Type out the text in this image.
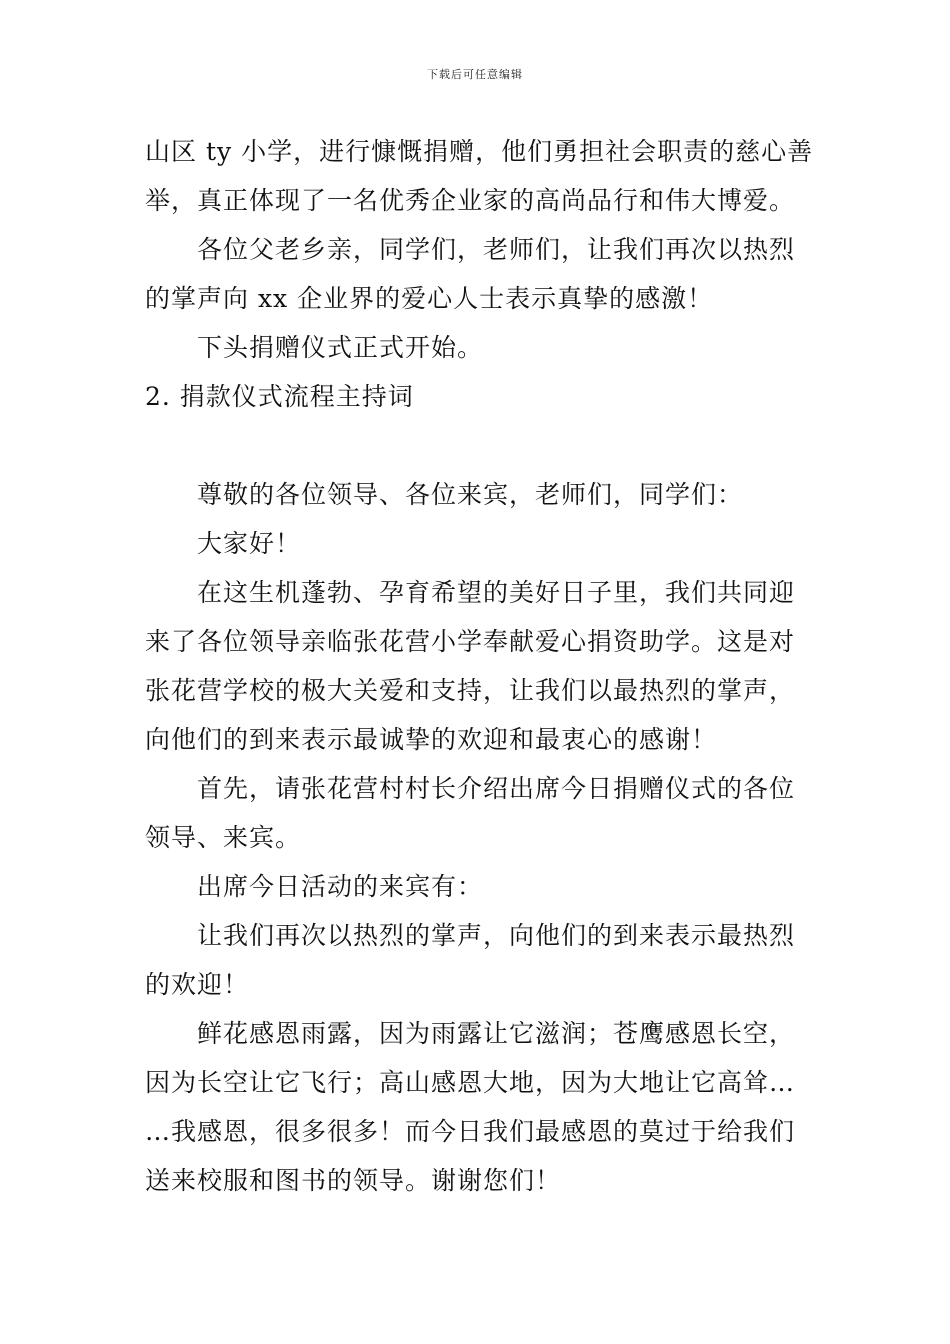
下载后可任意编辑
山区 ty 小学，进行慷慨捐赠，他们勇担社会职责的慈心善
举，真正体现了一名优秀企业家的高尚品行和伟大博爱。
各位父老乡亲，同学们，老师们，让我们再次以热烈
的掌声向 xx 企业界的爱心人士表示真挚的感激！
下头捐赠仪式正式开始。
2. 捐款仪式流程主持词
尊敬的各位领导、各位来宾，老师们，同学们：
大家好！
在这生机蓬勃、孕育希望的美好日子里，我们共同迎
来了各位领导亲临张花营小学奉献爱心捐资助学。这是对
张花营学校的极大关爱和支持，让我们以最热烈的掌声，
向他们的到来表示最诚挚的欢迎和最衷心的感谢！
首先，请张花营村村长介绍出席今日捐赠仪式的各位
领导、来宾。
出席今日活动的来宾有：
让我们再次以热烈的掌声，向他们的到来表示最热烈
的欢迎！
鲜花感恩雨露，因为雨露让它滋润；苍鹰感恩长空，
因为长空让它飞行；高山感恩大地，因为大地让它高耸…
…我感恩，很多很多！而今日我们最感恩的莫过于给我们
送来校服和图书的领导。谢谢您们！
